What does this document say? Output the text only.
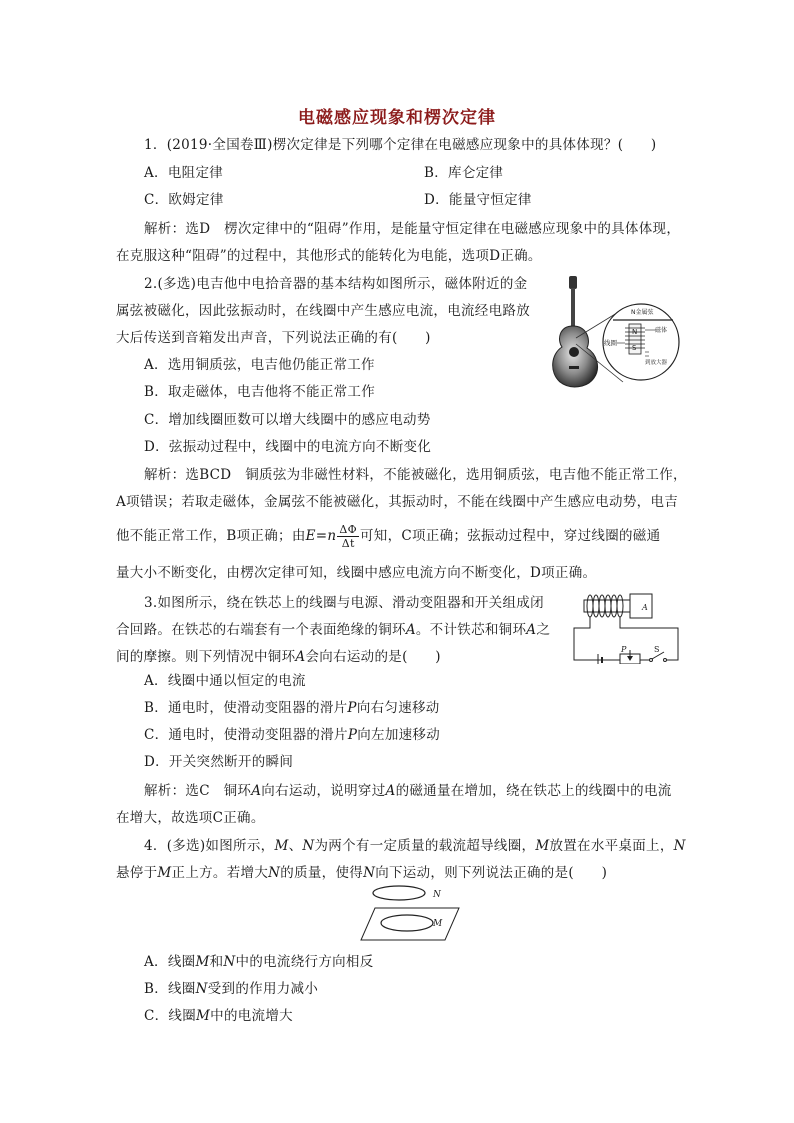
电磁感应现象和楞次定律
1．(2019·全国卷Ⅲ)楞次定律是下列哪个定律在电磁感应现象中的具体体现？(　　)
A．电阻定律	B．库仑定律
C．欧姆定律	D．能量守恒定律
解析：选D　楞次定律中的“阻碍”作用，是能量守恒定律在电磁感应现象中的具体体现，
在克服这种“阻碍”的过程中，其他形式的能转化为电能，选项D正确。
2.(多选)电吉他中电拾音器的基本结构如图所示，磁体附近的金
属弦被磁化，因此弦振动时，在线圈中产生感应电流，电流经电路放
大后传送到音箱发出声音，下列说法正确的有(　　)
A．选用铜质弦，电吉他仍能正常工作
B．取走磁体，电吉他将不能正常工作
C．增加线圈匝数可以增大线圈中的感应电动势
D．弦振动过程中，线圈中的电流方向不断变化
解析：选BCD　铜质弦为非磁性材料，不能被磁化，选用铜质弦，电吉他不能正常工作，
A项错误；若取走磁体，金属弦不能被磁化，其振动时，不能在线圈中产生感应电动势，电吉
他不能正常工作，B项正确；由$E=n \frac{\Delta\Phi}{\Delta t}$ 可知，C项正确；弦振动过程中，穿过线圈的磁通
量大小不断变化，由楞次定律可知，线圈中感应电流方向不断变化，D项正确。
N金属弦
N
S
磁体
线圈
到放大器
3.如图所示，绕在铁芯上的线圈与电源、滑动变阻器和开关组成闭
合回路。在铁芯的右端套有一个表面绝缘的铜环A。不计铁芯和铜环A之
间的摩擦。则下列情况中铜环A会向右运动的是(　　)
A．线圈中通以恒定的电流
B．通电时，使滑动变阻器的滑片P向右匀速移动
C．通电时，使滑动变阻器的滑片P向左加速移动
D．开关突然断开的瞬间
解析：选C　铜环A向右运动，说明穿过A的磁通量在增加，绕在铁芯上的线圈中的电流
在增大，故选项C正确。
A
P	S
4．(多选)如图所示，M、N为两个有一定质量的载流超导线圈，M放置在水平桌面上，N
悬停于M正上方。若增大N的质量，使得N向下运动，则下列说法正确的是(　　)
N
M
A．线圈M和N中的电流绕行方向相反
B．线圈N受到的作用力减小
C．线圈M中的电流增大
